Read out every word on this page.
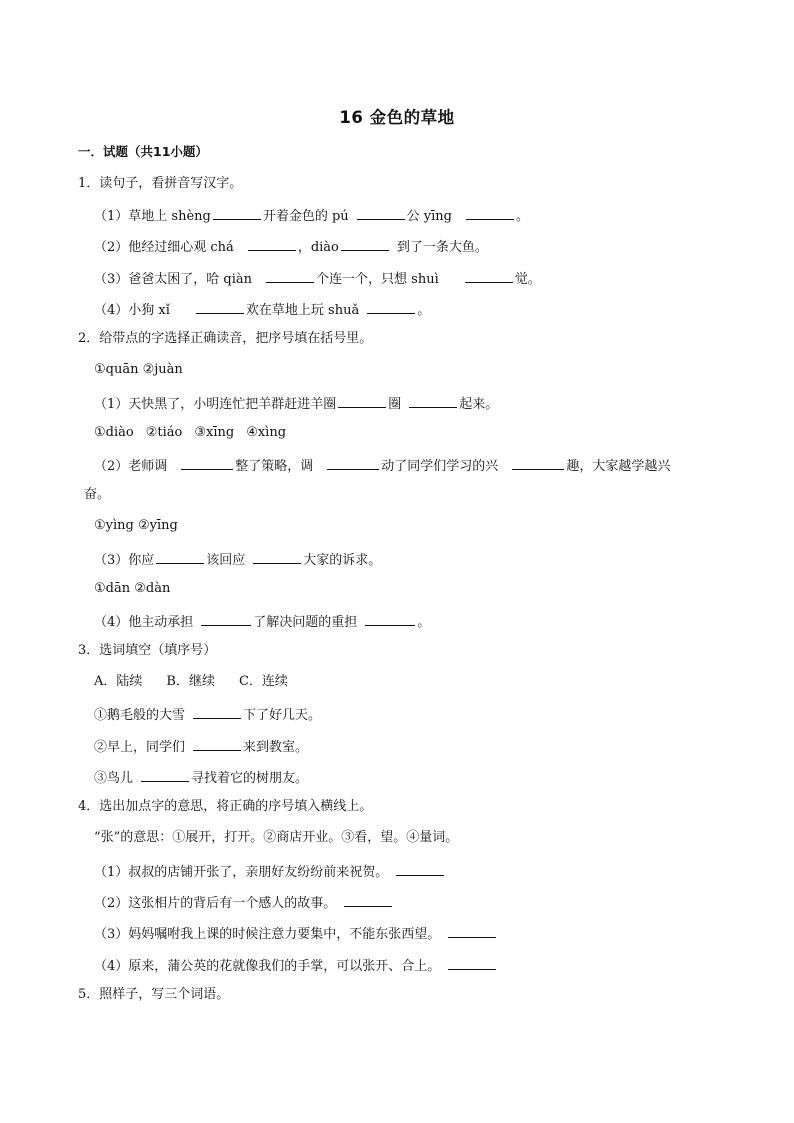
16 金色的草地
一．试题（共11小题）
1．读句子，看拼音写汉字。
（1）草地上 shèng	开着金色的 pú	公 yīng	。
（2）他经过细心观 chá	，diào	到了一条大鱼。
（3）爸爸太困了，哈 qiàn	个连一个，只想 shuì	觉。
（4）小狗 xǐ	欢在草地上玩 shuǎ	。
2．给带点的字选择正确读音，把序号填在括号里。
①quān ②juàn
（1）天快黑了，小明连忙把羊群赶进羊圈	圈	起来。
①diào ②tiáo ③xīng ④xìng
（2）老师调	整了策略，调	动了同学们学习的兴	趣，大家越学越兴
奋。
①yìng ②yīng
（3）你应	该回应	大家的诉求。
①dān ②dàn
（4）他主动承担	了解决问题的重担	。
3．选词填空（填序号）
A．陆续 B．继续 C．连续
①鹅毛般的大雪	下了好几天。
②早上，同学们	来到教室。
③鸟儿	寻找着它的树朋友。
4．选出加点字的意思，将正确的序号填入横线上。
“张”的意思：①展开，打开。②商店开业。③看，望。④量词。
（1）叔叔的店铺开张了，亲朋好友纷纷前来祝贺。
（2）这张相片的背后有一个感人的故事。
（3）妈妈嘱咐我上课的时候注意力要集中，不能东张西望。
（4）原来，蒲公英的花就像我们的手掌，可以张开、合上。
5．照样子，写三个词语。
